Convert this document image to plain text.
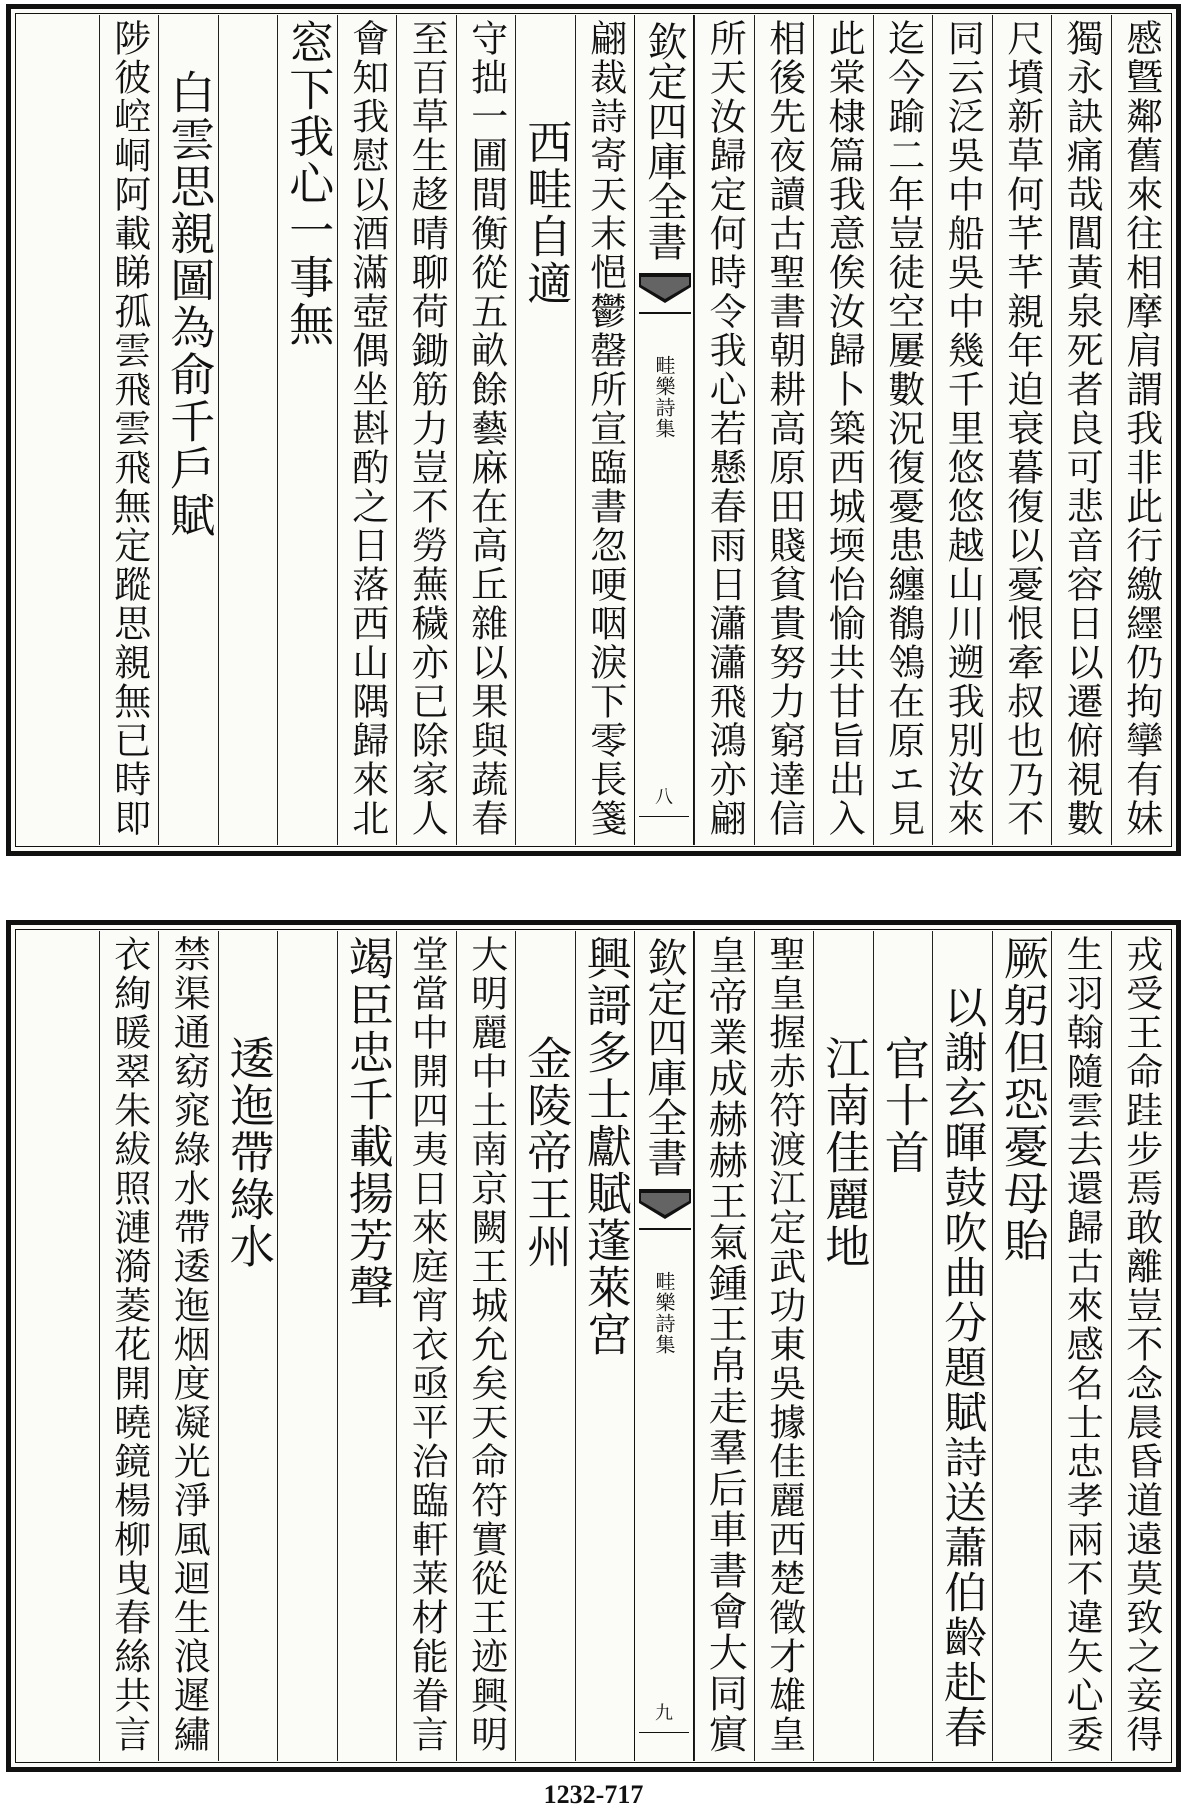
慼曁鄰舊來往相摩肩謂我非此行繳纆仍拘攣有妹
獨永訣痛哉閶黃泉死者良可悲音容日以遷俯視數
尺墳新草何芊芊親年迫衰暮復以憂恨牽叔也乃不
同云泛吳中船吳中幾千里悠悠越山川遡我別汝來
迄今踰二年豈徒空屢數況復憂患纏鶺鴒在原エ見
此棠棣篇我意俟汝歸卜築西城堧怡愉共甘旨出入
相後先夜讀古聖書朝耕高原田賤貧貴努力窮達信
所天汝歸定何時令我心若懸春雨日瀟瀟飛鴻亦翩
欽定四庫全書
畦樂詩集
八
翩裁詩寄天末悒鬱罄所宣臨書忽哽咽淚下零長箋
西畦自適
守拙一圃間衡從五畝餘藝麻在高丘雜以果與蔬春
至百草生趍晴聊荷鋤筋力豈不勞蕪穢亦已除家人
會知我慰以酒滿壺偶坐斟酌之日落西山隅歸來北
窓下我心一事無
白雲思親圖為俞千戶賦
陟彼崆峒阿載睇孤雲飛雲飛無定蹤思親無已時即
戎受王命跬步焉敢離豈不念晨昏道遠莫致之妾得
生羽翰隨雲去還歸古來感名士忠孝兩不違矢心委
厥躬但恐憂母貽
以謝玄暉鼓吹曲分題賦詩送蕭伯齡赴春
官十首
江南佳麗地
聖皇握赤符渡江定武功東吳據佳麗西楚徵才雄皇
皇帝業成赫赫王氣鍾王帛走羣后車書會大同賔
欽定四庫全書
畦樂詩集
九
興謌多士獻賦蓬萊宮
金陵帝王州
大明麗中土南京闕王城允矣天命符實從王迹興明
堂當中開四夷日來庭宵衣亟平治臨軒莱材能眷言
竭臣忠千載揚芳聲
逶迤帶綠水
禁渠通窈窕綠水帶逶迤烟度凝光淨風迴生浪遲繡
衣絢暖翠朱紱照漣漪菱花開曉鏡楊柳曳春絲共言
1232-717
